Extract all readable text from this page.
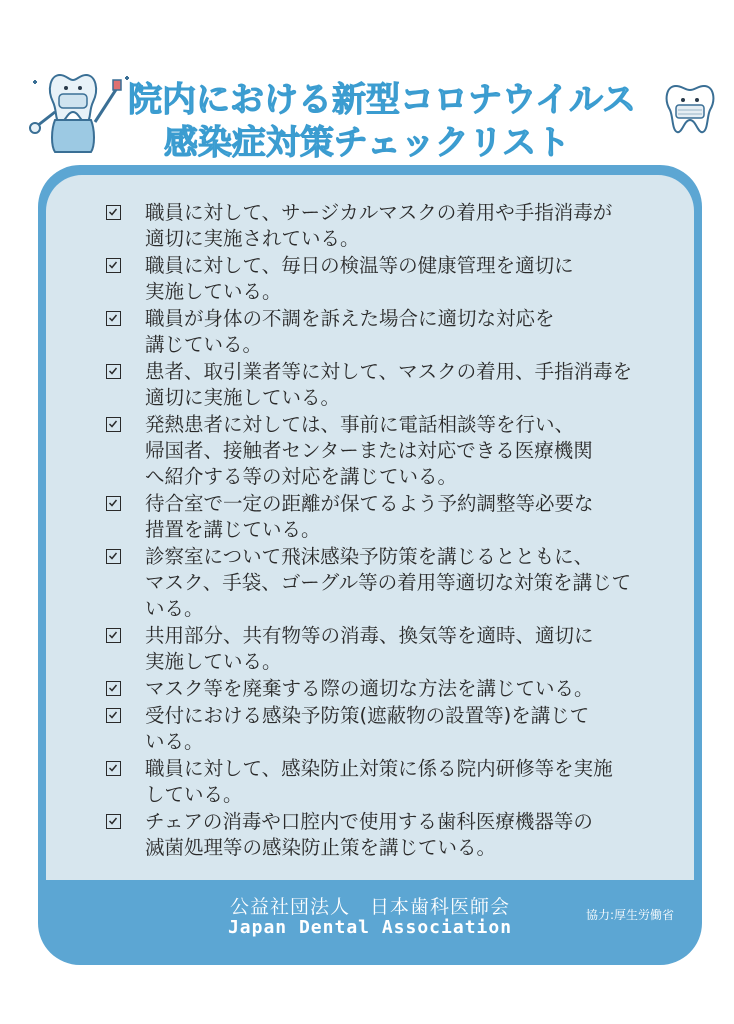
院内における新型コロナウイルス
感染症対策チェックリスト
職員に対して、サージカルマスクの着用や手指消毒が
適切に実施されている。
職員に対して、毎日の検温等の健康管理を適切に
実施している。
職員が身体の不調を訴えた場合に適切な対応を
講じている。
患者、取引業者等に対して、マスクの着用、手指消毒を
適切に実施している。
発熱患者に対しては、事前に電話相談等を行い、
帰国者、接触者センターまたは対応できる医療機関
へ紹介する等の対応を講じている。
待合室で一定の距離が保てるよう予約調整等必要な
措置を講じている。
診察室について飛沫感染予防策を講じるとともに、
マスク、手袋、ゴーグル等の着用等適切な対策を講じて
いる。
共用部分、共有物等の消毒、換気等を適時、適切に
実施している。
マスク等を廃棄する際の適切な方法を講じている。
受付における感染予防策(遮蔽物の設置等)を講じて
いる。
職員に対して、感染防止対策に係る院内研修等を実施
している。
チェアの消毒や口腔内で使用する歯科医療機器等の
滅菌処理等の感染防止策を講じている。
公益社団法人　日本歯科医師会
Japan Dental Association
協力:厚生労働省
